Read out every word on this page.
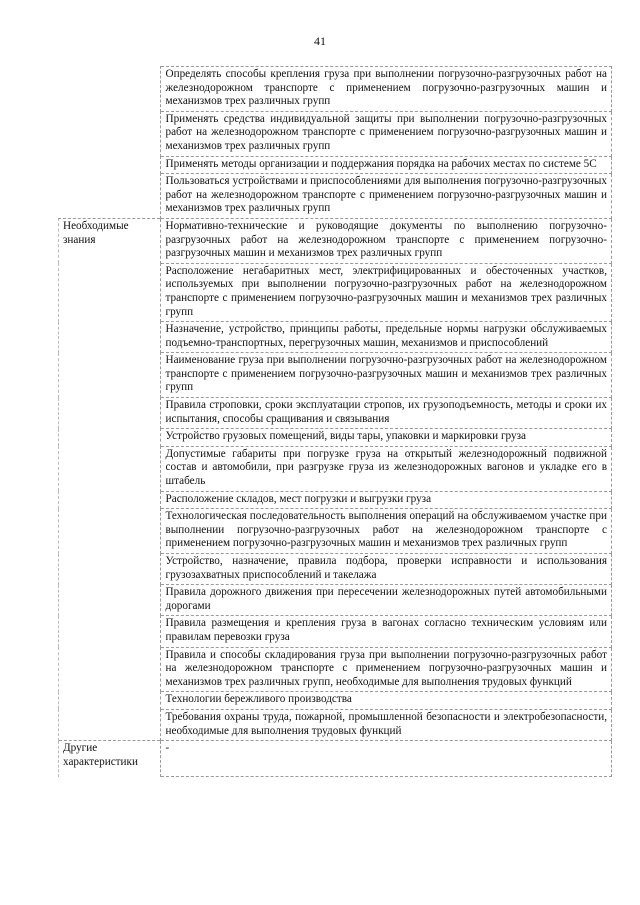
41
	Определять способы крепления груза при выполнении погрузочно-разгрузочных работ на железнодорожном транспорте с применением погрузочно-разгрузочных машин и механизмов трех различных групп
	Применять средства индивидуальной защиты при выполнении погрузочно-разгрузочных работ на железнодорожном транспорте с применением погрузочно-разгрузочных машин и механизмов трех различных групп
	Применять методы организации и поддержания порядка на рабочих местах по системе 5С
	Пользоваться устройствами и приспособлениями для выполнения погрузочно-разгрузочных работ на железнодорожном транспорте с применением погрузочно-разгрузочных машин и механизмов трех различных групп
Необходимые знания	Нормативно-технические и руководящие документы по выполнению погрузочно-разгрузочных работ на железнодорожном транспорте с применением погрузочно-разгрузочных машин и механизмов трех различных групп
	Расположение негабаритных мест, электрифицированных и обесточенных участков, используемых при выполнении погрузочно-разгрузочных работ на железнодорожном транспорте с применением погрузочно-разгрузочных машин и механизмов трех различных групп
	Назначение, устройство, принципы работы, предельные нормы нагрузки обслуживаемых подъемно-транспортных, перегрузочных машин, механизмов и приспособлений
	Наименование груза при выполнении погрузочно-разгрузочных работ на железнодорожном транспорте с применением погрузочно-разгрузочных машин и механизмов трех различных групп
	Правила строповки, сроки эксплуатации стропов, их грузоподъемность, методы и сроки их испытания, способы сращивания и связывания
	Устройство грузовых помещений, виды тары, упаковки и маркировки груза
	Допустимые габариты при погрузке груза на открытый железнодорожный подвижной состав и автомобили, при разгрузке груза из железнодорожных вагонов и укладке его в штабель
	Расположение складов, мест погрузки и выгрузки груза
	Технологическая последовательность выполнения операций на обслуживаемом участке при выполнении погрузочно-разгрузочных работ на железнодорожном транспорте с применением погрузочно-разгрузочных машин и механизмов трех различных групп
	Устройство, назначение, правила подбора, проверки исправности и использования грузозахватных приспособлений и такелажа
	Правила дорожного движения при пересечении железнодорожных путей автомобильными дорогами
	Правила размещения и крепления груза в вагонах согласно техническим условиям или правилам перевозки груза
	Правила и способы складирования груза при выполнении погрузочно-разгрузочных работ на железнодорожном транспорте с применением погрузочно-разгрузочных машин и механизмов трех различных групп, необходимые для выполнения трудовых функций
	Технологии бережливого производства
	Требования охраны труда, пожарной, промышленной безопасности и электробезопасности, необходимые для выполнения трудовых функций
Другие характеристики	-
